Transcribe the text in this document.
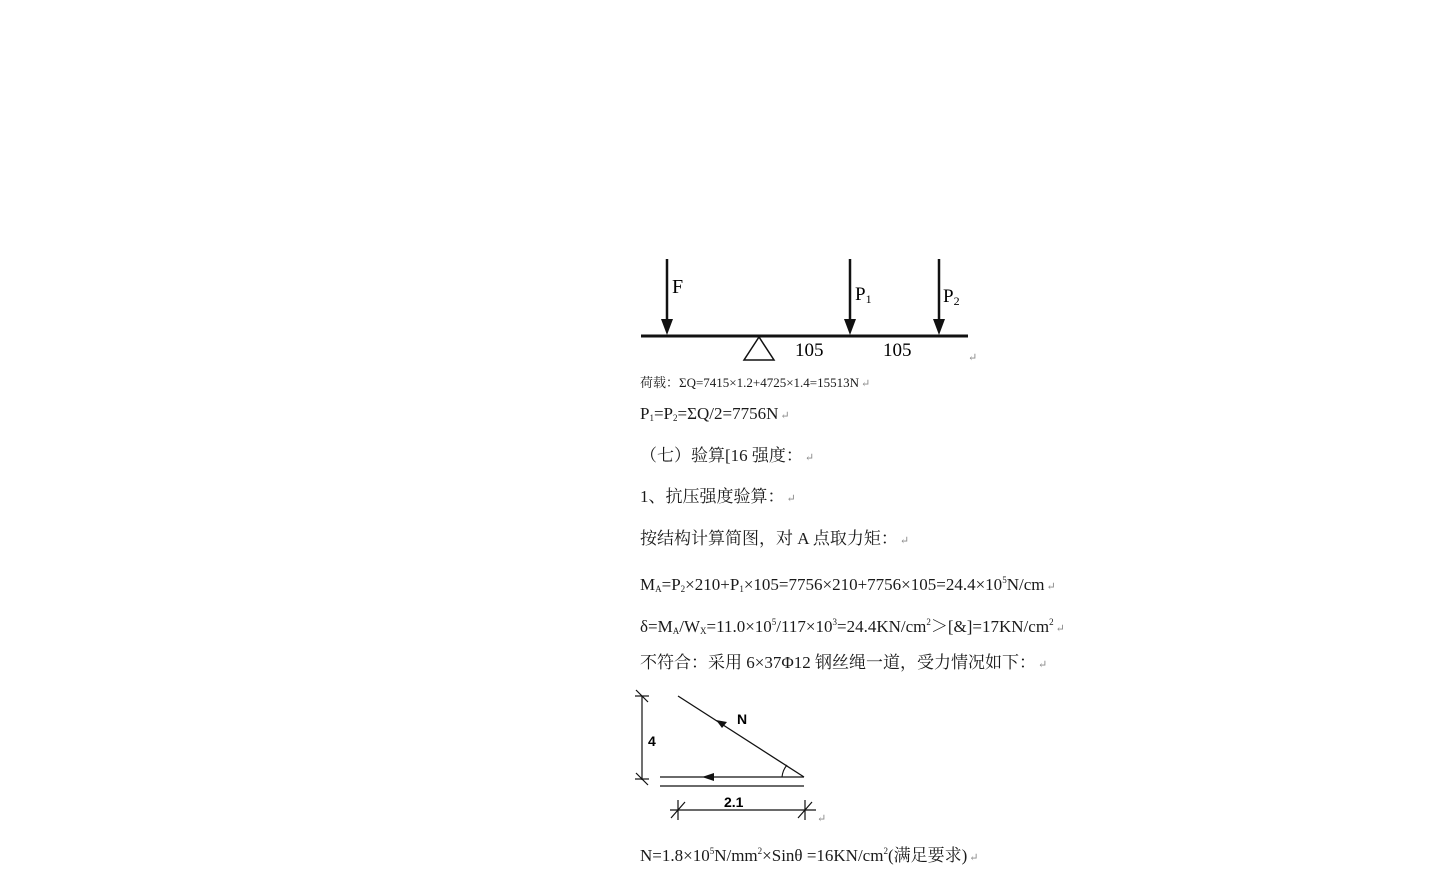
F	P1	P2
105	105	↵
荷载：ΣQ=7415×1.2+4725×1.4=15513N ↵
$P_1=P_2=\Sigma Q/2=7756N$ ↵
（七）验算[16 强度： ↵
1、抗压强度验算： ↵
按结构计算简图，对 A 点取力矩： ↵
$M_A=P_2\times 210+P_1\times 105=7756\times 210+7756\times 105=24.4\times 10^5N/cm$ ↵
$\delta=M_A/W_X=11.0\times 10^5/117\times 10^3=24.4KN/cm^2>[\&]=17KN/cm^2↵$
不符合：采用 6×37Φ12 钢丝绳一道，受力情况如下： ↵
4
N
2.1
↵
$N=1.8\times 10^5N/mm^2\times Sin\theta =16KN/cm^2$(满足要求) ↵
